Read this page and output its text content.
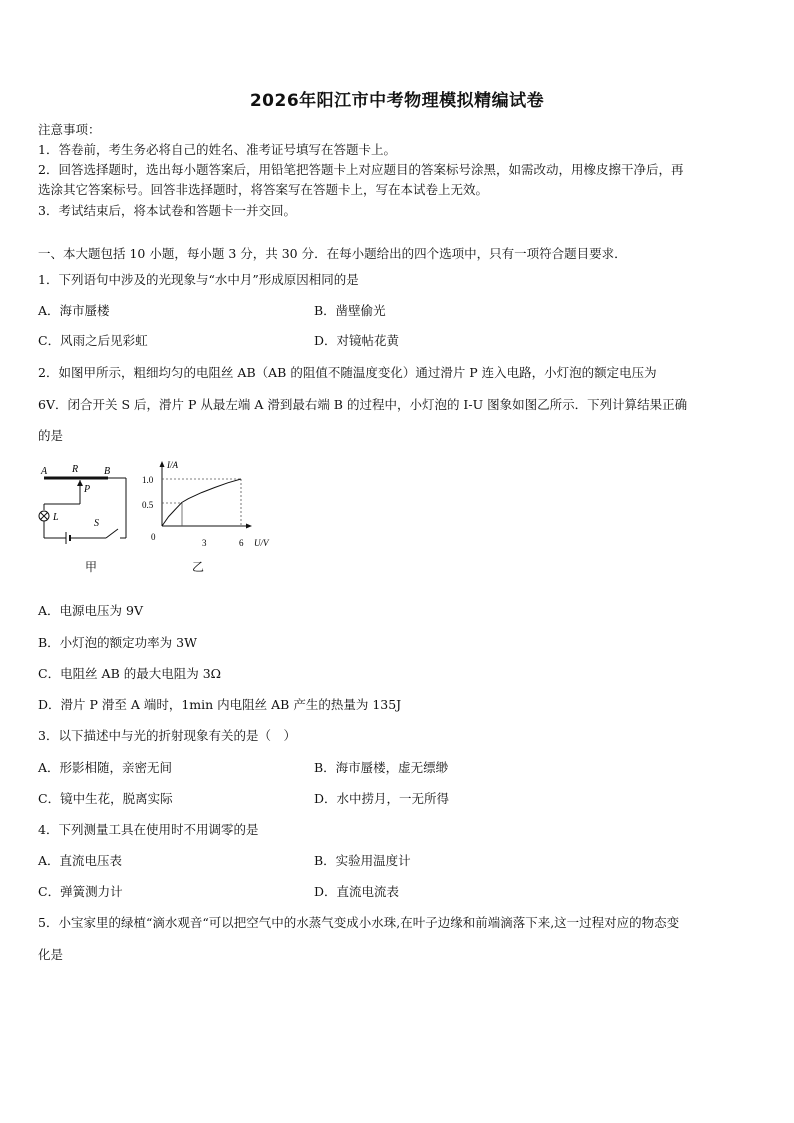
2026年阳江市中考物理模拟精编试卷
注意事项：
1．答卷前，考生务必将自己的姓名、准考证号填写在答题卡上。
2．回答选择题时，选出每小题答案后，用铅笔把答题卡上对应题目的答案标号涂黑，如需改动，用橡皮擦干净后，再
选涂其它答案标号。回答非选择题时，将答案写在答题卡上，写在本试卷上无效。
3．考试结束后，将本试卷和答题卡一并交回。
一、本大题包括 10 小题，每小题 3 分，共 30 分．在每小题给出的四个选项中，只有一项符合题目要求．
1．下列语句中涉及的光现象与“水中月”形成原因相同的是
A．海市蜃楼	B．凿壁偷光
C．风雨之后见彩虹	D．对镜帖花黄
2．如图甲所示，粗细均匀的电阻丝 AB（AB 的阻值不随温度变化）通过滑片 P 连入电路，小灯泡的额定电压为
6V．闭合开关 S 后，滑片 P 从最左端 A 滑到最右端 B 的过程中，小灯泡的 I-U 图象如图乙所示．下列计算结果正确
的是
A R	B
P
L
S
I/A
U/V
1.0
0.5
0
3	6
甲	乙
A．电源电压为 9V
B．小灯泡的额定功率为 3W
C．电阻丝 AB 的最大电阻为 3Ω
D．滑片 P 滑至 A 端时，1min 内电阻丝 AB 产生的热量为 135J
3．以下描述中与光的折射现象有关的是（　）
A．形影相随，亲密无间	B．海市蜃楼，虚无缥缈
C．镜中生花，脱离实际	D．水中捞月，一无所得
4．下列测量工具在使用时不用调零的是
A．直流电压表	B．实验用温度计
C．弹簧测力计	D．直流电流表
5．小宝家里的绿植“滴水观音“可以把空气中的水蒸气变成小水珠,在叶子边缘和前端滴落下来,这一过程对应的物态变
化是
